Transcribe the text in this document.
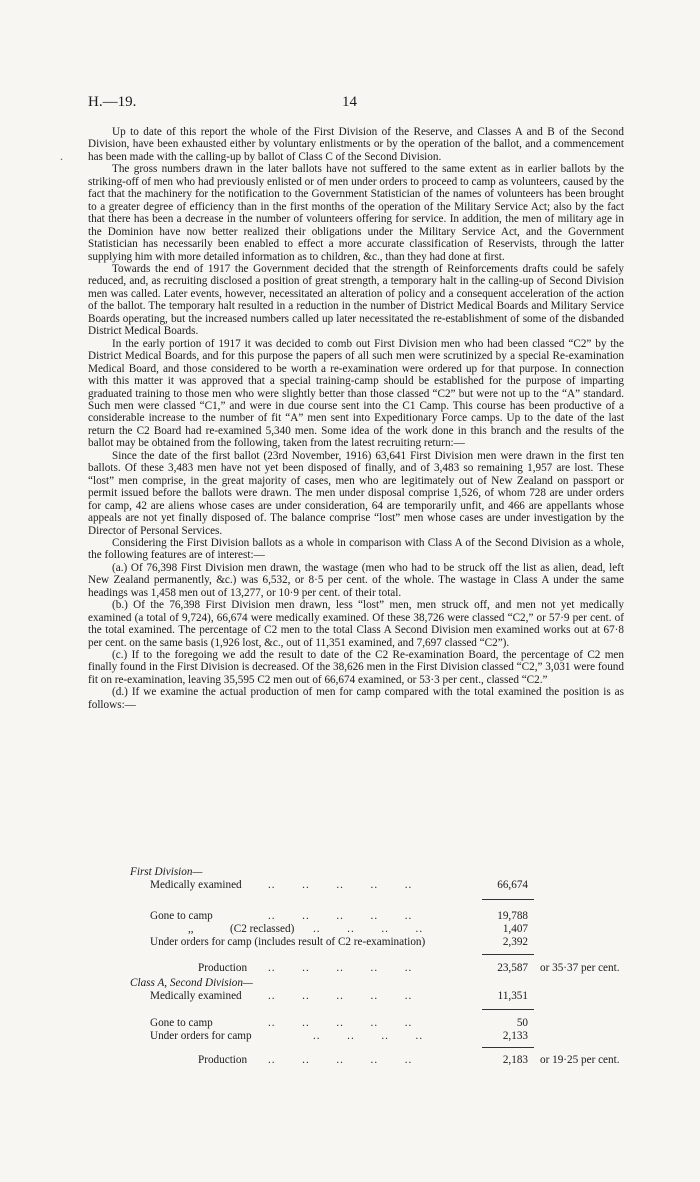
H.—19.	14
.

Up to date of this report the whole of the First Division of the Reserve, and Classes A and B of the Second Division, have been exhausted either by voluntary enlistments or by the operation of the ballot, and a commencement has been made with the calling-up by ballot of Class C of the Second Division.

The gross numbers drawn in the later ballots have not suffered to the same extent as in earlier ballots by the striking-off of men who had previously enlisted or of men under orders to proceed to camp as volunteers, caused by the fact that the machinery for the notification to the Government Statistician of the names of volunteers has been brought to a greater degree of efficiency than in the first months of the operation of the Military Service Act; also by the fact that there has been a decrease in the number of volunteers offering for service. In addition, the men of military age in the Dominion have now better realized their obligations under the Military Service Act, and the Government Statistician has necessarily been enabled to effect a more accurate classification of Reservists, through the latter supplying him with more detailed information as to children, &c., than they had done at first.

Towards the end of 1917 the Government decided that the strength of Reinforcements drafts could be safely reduced, and, as recruiting disclosed a position of great strength, a temporary halt in the calling-up of Second Division men was called. Later events, however, necessitated an alteration of policy and a consequent acceleration of the action of the ballot. The temporary halt resulted in a reduction in the number of District Medical Boards and Military Service Boards operating, but the increased numbers called up later necessitated the re-establishment of some of the disbanded District Medical Boards.

In the early portion of 1917 it was decided to comb out First Division men who had been classed “C2” by the District Medical Boards, and for this purpose the papers of all such men were scrutinized by a special Re-examination Medical Board, and those considered to be worth a re-examination were ordered up for that purpose. In connection with this matter it was approved that a special training-camp should be established for the purpose of imparting graduated training to those men who were slightly better than those classed “C2” but were not up to the “A” standard. Such men were classed “C1,” and were in due course sent into the C1 Camp. This course has been productive of a considerable increase to the number of fit “A” men sent into Expeditionary Force camps. Up to the date of the last return the C2 Board had re-examined 5,340 men. Some idea of the work done in this branch and the results of the ballot may be obtained from the following, taken from the latest recruiting return:—

Since the date of the first ballot (23rd November, 1916) 63,641 First Division men were drawn in the first ten ballots. Of these 3,483 men have not yet been disposed of finally, and of 3,483 so remaining 1,957 are lost. These “lost” men comprise, in the great majority of cases, men who are legitimately out of New Zealand on passport or permit issued before the ballots were drawn. The men under disposal comprise 1,526, of whom 728 are under orders for camp, 42 are aliens whose cases are under consideration, 64 are temporarily unfit, and 466 are appellants whose appeals are not yet finally disposed of. The balance comprise “lost” men whose cases are under investigation by the Director of Personal Services.

Considering the First Division ballots as a whole in comparison with Class A of the Second Division as a whole, the following features are of interest:—

(a.) Of 76,398 First Division men drawn, the wastage (men who had to be struck off the list as alien, dead, left New Zealand permanently, &c.) was 6,532, or 8·5 per cent. of the whole. The wastage in Class A under the same headings was 1,458 men out of 13,277, or 10·9 per cent. of their total.

(b.) Of the 76,398 First Division men drawn, less “lost” men, men struck off, and men not yet medically examined (a total of 9,724), 66,674 were medically examined. Of these 38,726 were classed “C2,” or 57·9 per cent. of the total examined. The percentage of C2 men to the total Class A Second Division men examined works out at 67·8 per cent. on the same basis (1,926 lost, &c., out of 11,351 examined, and 7,697 classed “C2”).

(c.) If to the foregoing we add the result to date of the C2 Re-examination Board, the percentage of C2 men finally found in the First Division is decreased. Of the 38,626 men in the First Division classed “C2,” 3,031 were found fit on re-examination, leaving 35,595 C2 men out of 66,674 examined, or 53·3 per cent., classed “C2.”

(d.) If we examine the actual production of men for camp compared with the total examined the position is as follows:—

First Division—
Medically examined ..       ..       ..       ..       ..	66,674
Gone to camp	..       ..       ..       ..       ..	19,788
,,	(C2 reclassed) ..       ..       ..       ..	1,407
Under orders for camp (includes result of C2 re-examination)	2,392
Production ..       ..       ..       ..       ..	23,587 or 35·37 per cent.
Class A, Second Division—
Medically examined ..       ..       ..       ..       ..	11,351
Gone to camp	..       ..       ..       ..       ..	50
Under orders for camp	..       ..       ..       ..	2,133
Production ..       ..       ..       ..       ..	2,183 or 19·25 per cent.
